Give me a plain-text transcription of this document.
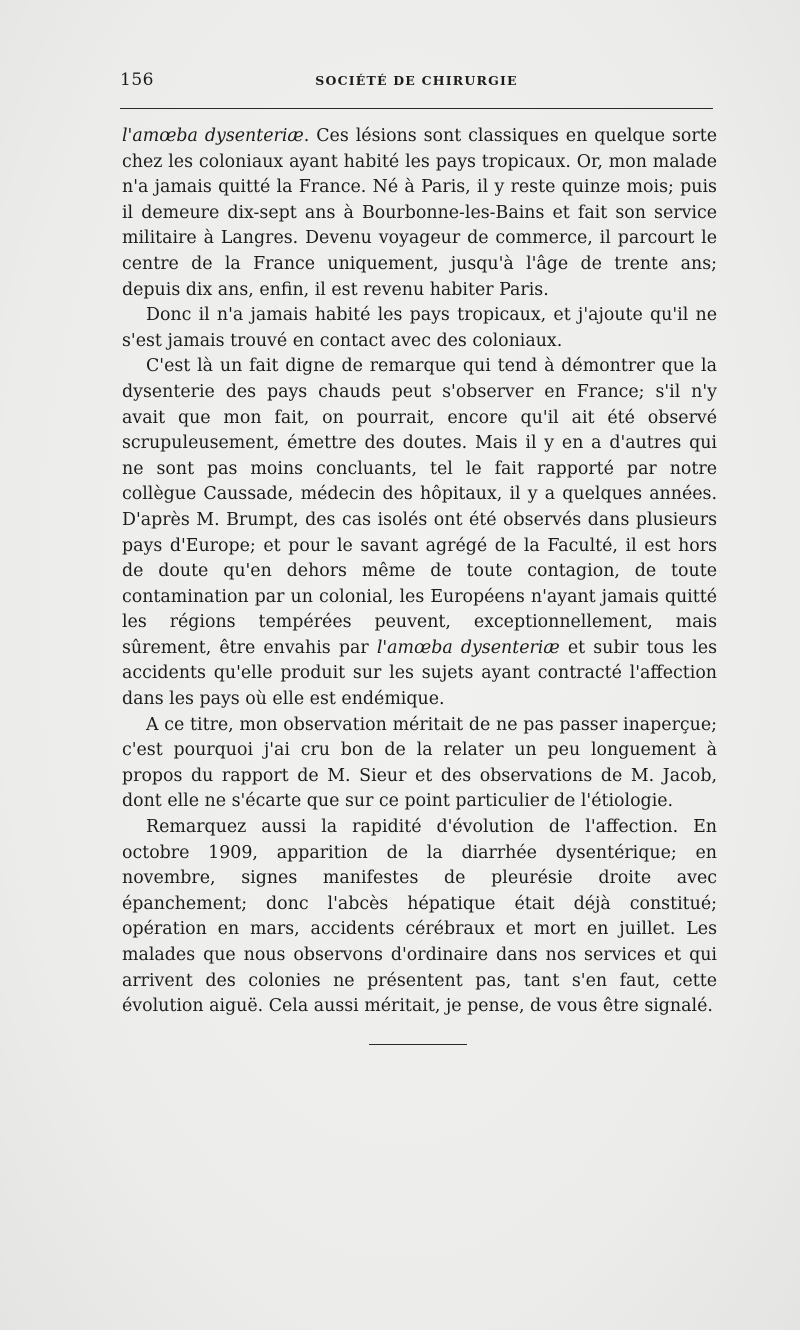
156	SOCIÉTÉ DE CHIRURGIE

l'amœba dysenteriæ. Ces lésions sont classiques en quelque sorte chez les coloniaux ayant habité les pays tropicaux. Or, mon malade n'a jamais quitté la France. Né à Paris, il y reste quinze mois; puis il demeure dix-sept ans à Bourbonne-les-Bains et fait son service militaire à Langres. Devenu voyageur de commerce, il parcourt le centre de la France uniquement, jusqu'à l'âge de trente ans; depuis dix ans, enfin, il est revenu habiter Paris.

Donc il n'a jamais habité les pays tropicaux, et j'ajoute qu'il ne s'est jamais trouvé en contact avec des coloniaux.

C'est là un fait digne de remarque qui tend à démontrer que la dysenterie des pays chauds peut s'observer en France; s'il n'y avait que mon fait, on pourrait, encore qu'il ait été observé scrupuleusement, émettre des doutes. Mais il y en a d'autres qui ne sont pas moins concluants, tel le fait rapporté par notre collègue Caussade, médecin des hôpitaux, il y a quelques années. D'après M. Brumpt, des cas isolés ont été observés dans plusieurs pays d'Europe; et pour le savant agrégé de la Faculté, il est hors de doute qu'en dehors même de toute contagion, de toute contamination par un colonial, les Européens n'ayant jamais quitté les régions tempérées peuvent, exceptionnellement, mais sûrement, être envahis par l'amœba dysenteriæ et subir tous les accidents qu'elle produit sur les sujets ayant contracté l'affection dans les pays où elle est endémique.

A ce titre, mon observation méritait de ne pas passer inaperçue; c'est pourquoi j'ai cru bon de la relater un peu longuement à propos du rapport de M. Sieur et des observations de M. Jacob, dont elle ne s'écarte que sur ce point particulier de l'étiologie.

Remarquez aussi la rapidité d'évolution de l'affection. En octobre 1909, apparition de la diarrhée dysentérique; en novembre, signes manifestes de pleurésie droite avec épanchement; donc l'abcès hépatique était déjà constitué; opération en mars, accidents cérébraux et mort en juillet. Les malades que nous observons d'ordinaire dans nos services et qui arrivent des colonies ne présentent pas, tant s'en faut, cette évolution aiguë. Cela aussi méritait, je pense, de vous être signalé.
